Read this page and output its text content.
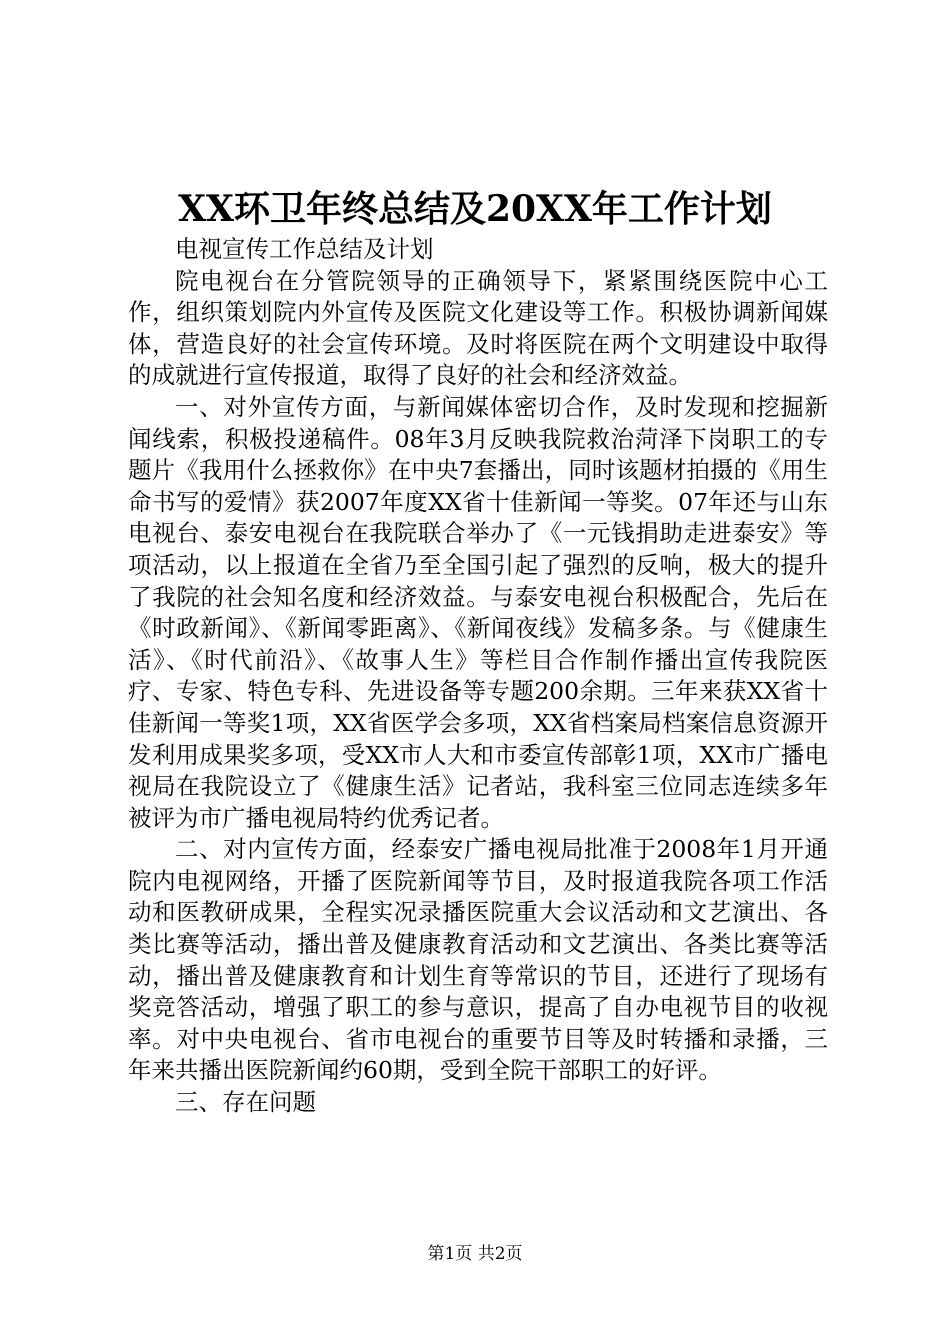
XX环卫年终总结及20XX年工作计划

电视宣传工作总结及计划

院电视台在分管院领导的正确领导下，紧紧围绕医院中心工作，组织策划院内外宣传及医院文化建设等工作。积极协调新闻媒体，营造良好的社会宣传环境。及时将医院在两个文明建设中取得的成就进行宣传报道，取得了良好的社会和经济效益。

一、对外宣传方面，与新闻媒体密切合作，及时发现和挖掘新闻线索，积极投递稿件。08年3月反映我院救治菏泽下岗职工的专题片《我用什么拯救你》在中央7套播出，同时该题材拍摄的《用生命书写的爱情》获2007年度XX省十佳新闻一等奖。07年还与山东电视台、泰安电视台在我院联合举办了《一元钱捐助走进泰安》等项活动，以上报道在全省乃至全国引起了强烈的反响，极大的提升了我院的社会知名度和经济效益。与泰安电视台积极配合，先后在《时政新闻》、《新闻零距离》、《新闻夜线》发稿多条。与《健康生活》、《时代前沿》、《故事人生》等栏目合作制作播出宣传我院医疗、专家、特色专科、先进设备等专题200余期。三年来获XX省十佳新闻一等奖1项，XX省医学会多项，XX省档案局档案信息资源开发利用成果奖多项，受XX市人大和市委宣传部彰1项，XX市广播电视局在我院设立了《健康生活》记者站，我科室三位同志连续多年被评为市广播电视局特约优秀记者。

二、对内宣传方面，经泰安广播电视局批准于2008年1月开通院内电视网络，开播了医院新闻等节目，及时报道我院各项工作活动和医教研成果，全程实况录播医院重大会议活动和文艺演出、各类比赛等活动，播出普及健康教育活动和文艺演出、各类比赛等活动，播出普及健康教育和计划生育等常识的节目，还进行了现场有奖竞答活动，增强了职工的参与意识，提高了自办电视节目的收视率。对中央电视台、省市电视台的重要节目等及时转播和录播，三年来共播出医院新闻约60期，受到全院干部职工的好评。

三、存在问题

第1页 共2页
